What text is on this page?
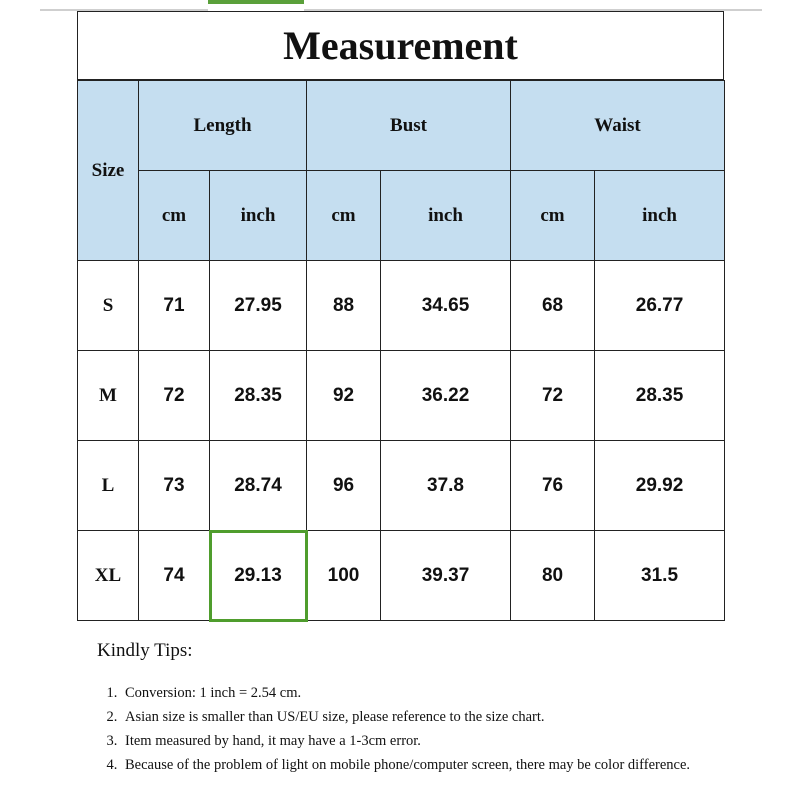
Measurement
Size	Length		Bust		Waist	
	cm	inch	cm	inch	cm	inch
S	71	27.95	88	34.65	68	26.77
M	72	28.35	92	36.22	72	28.35
L	73	28.74	96	37.8	76	29.92
XL	74	29.13	100	39.37	80	31.5
Kindly Tips:
1. Conversion: 1 inch = 2.54 cm.
2. Asian size is smaller than US/EU size, please reference to the size chart.
3. Item measured by hand, it may have a 1-3cm error.
4. Because of the problem of light on mobile phone/computer screen, there may be color difference.
